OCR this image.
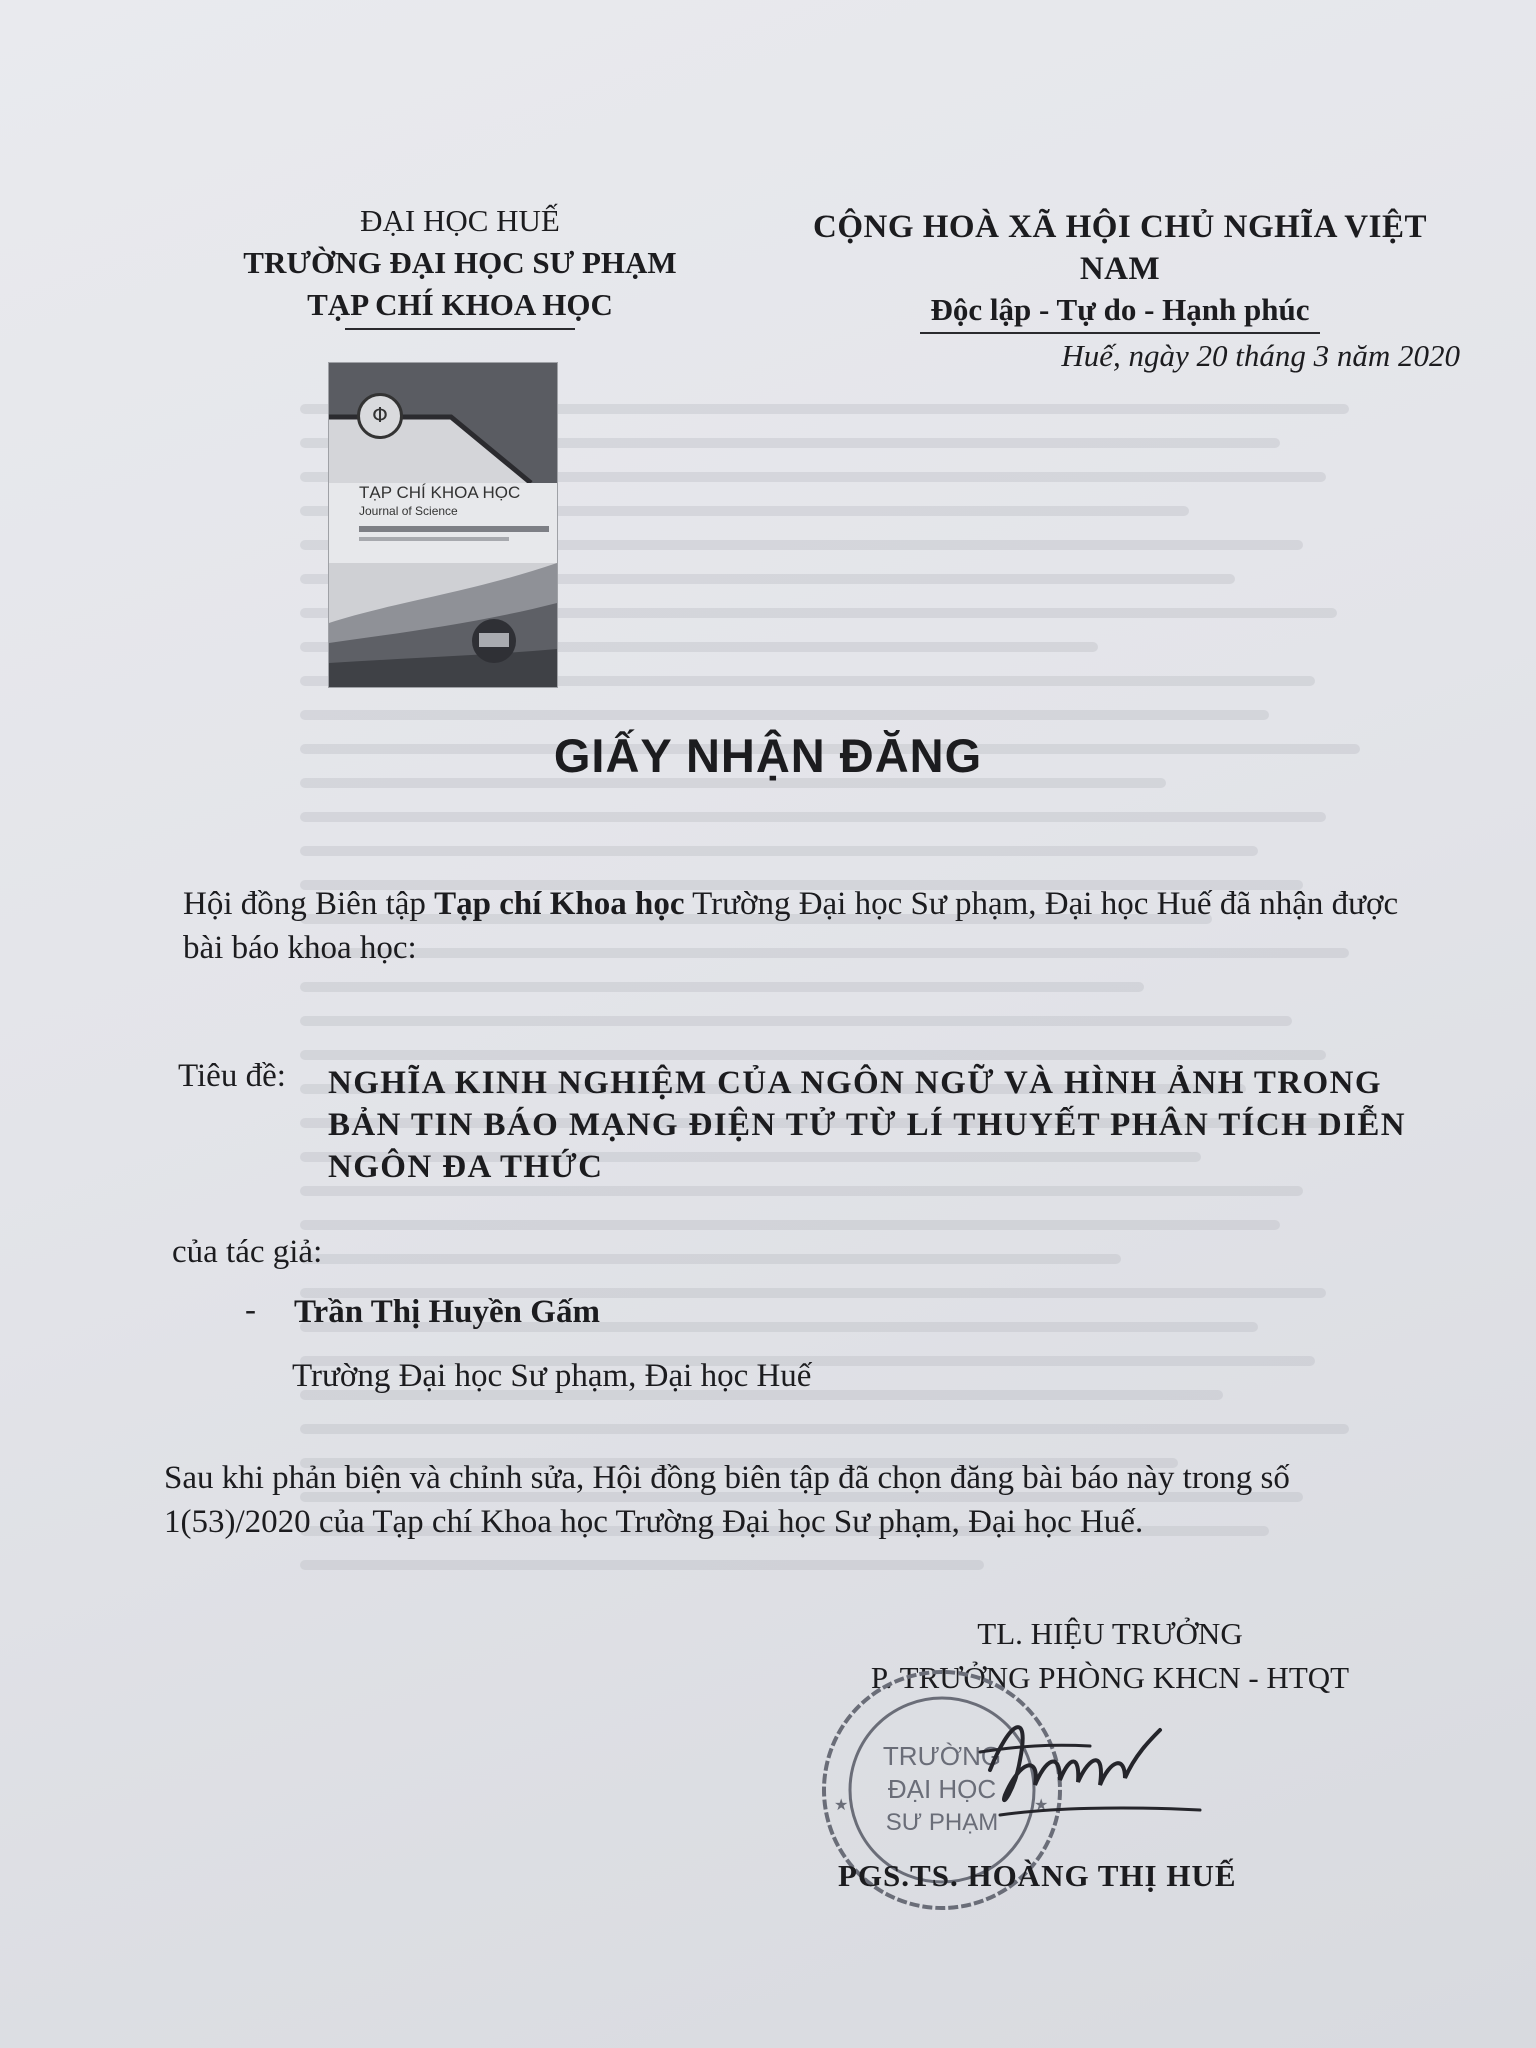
ĐẠI HỌC HUẾ
TRƯỜNG ĐẠI HỌC SƯ PHẠM
TẠP CHÍ KHOA HỌC
CỘNG HOÀ XÃ HỘI CHỦ NGHĨA VIỆT NAM
Độc lập - Tự do - Hạnh phúc
Huế, ngày 20 tháng 3 năm 2020
Φ
TẠP CHÍ KHOA HỌC
Journal of Science
GIẤY NHẬN ĐĂNG
Hội đồng Biên tập Tạp chí Khoa học Trường Đại học Sư phạm, Đại học Huế đã nhận được bài báo khoa học:
Tiêu đề: NGHĨA KINH NGHIỆM CỦA NGÔN NGỮ VÀ HÌNH ẢNH TRONG BẢN TIN BÁO MẠNG ĐIỆN TỬ TỪ LÍ THUYẾT PHÂN TÍCH DIỄN NGÔN ĐA THỨC
của tác giả:
- Trần Thị Huyền Gấm
Trường Đại học Sư phạm, Đại học Huế
Sau khi phản biện và chỉnh sửa, Hội đồng biên tập đã chọn đăng bài báo này trong số 1(53)/2020 của Tạp chí Khoa học Trường Đại học Sư phạm, Đại học Huế.
TL. HIỆU TRƯỞNG
P. TRƯỞNG PHÒNG KHCN - HTQT
★	★
TRƯỜNG
ĐẠI HỌC
SƯ PHẠM
PGS.TS. HOÀNG THỊ HUẾ
